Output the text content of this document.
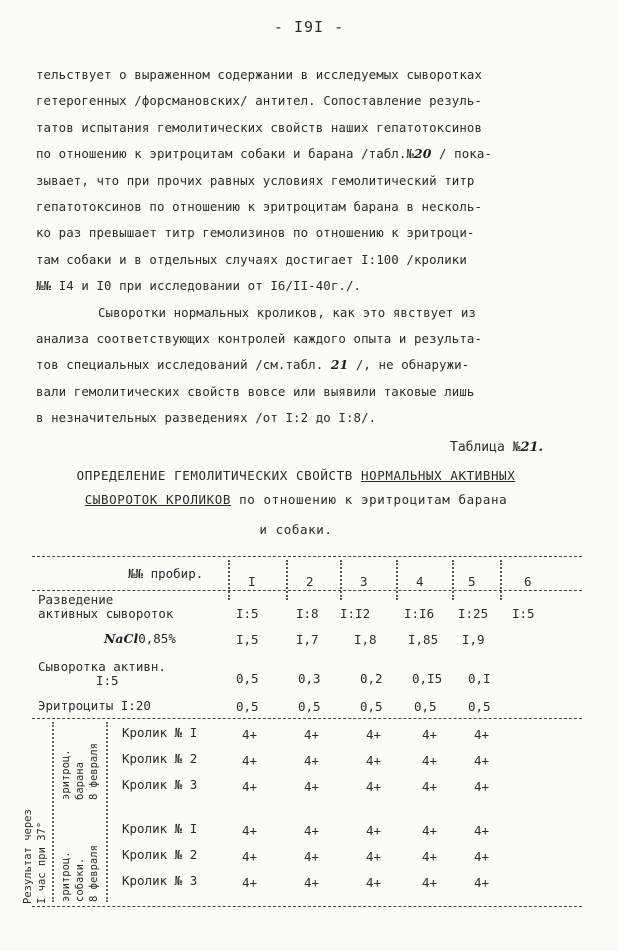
- I9I -
тельствует о выраженном содержании в исследуемых сыворотках
гетерогенных /форсмановских/ антител. Сопоставление резуль-
татов испытания гемолитических свойств наших гепатотоксинов
по отношению к эритроцитам собаки и барана /табл.№20 / пока-
зывает, что при прочих равных условиях гемолитический титр
гепатотоксинов по отношению к эритроцитам барана в несколь-
ко раз превышает титр гемолизинов по отношению к эритроци-
там собаки и в отдельных случаях достигает I:100 /кролики
№№ I4 и I0 при исследовании от I6/II-40г./.
Сыворотки нормальных кроликов, как это явствует из
анализа соответствующих контролей каждого опыта и результа-
тов специальных исследований /см.табл. 21 /, не обнаружи-
вали гемолитических свойств вовсе или выявили таковые лишь
в незначительных разведениях /от I:2 до I:8/.
Таблица №21.
ОПРЕДЕЛЕНИЕ ГЕМОЛИТИЧЕСКИХ СВОЙСТВ НОРМАЛЬНЫХ АКТИВНЫХ
СЫВОРОТОК КРОЛИКОВ по отношению к эритроцитам барана
и собаки.
№№ пробир.
I	2	3	4	5	6
Разведение
активных сывороток	I:5	I:8 I:I2	I:I6 I:25 I:5
NaCl0,85%	I,5	I,7	I,8	I,85 I,9
Сыворотка активн.
I:5	0,5	0,3	0,2 0,I5 0,I
Эритроциты I:20	0,5	0,5	0,5	0,5	0,5
Результат через I час при 37°
эритроц. барана 8 февраля
эритроц. собаки. 8 февраля
Кролик № I	4+	4+	4+	4+	4+
Кролик № 2	4+	4+	4+	4+	4+
Кролик № 3	4+	4+	4+	4+	4+
Кролик № I	4+	4+	4+	4+	4+
Кролик № 2	4+	4+	4+	4+	4+
Кролик № 3	4+	4+	4+	4+	4+
